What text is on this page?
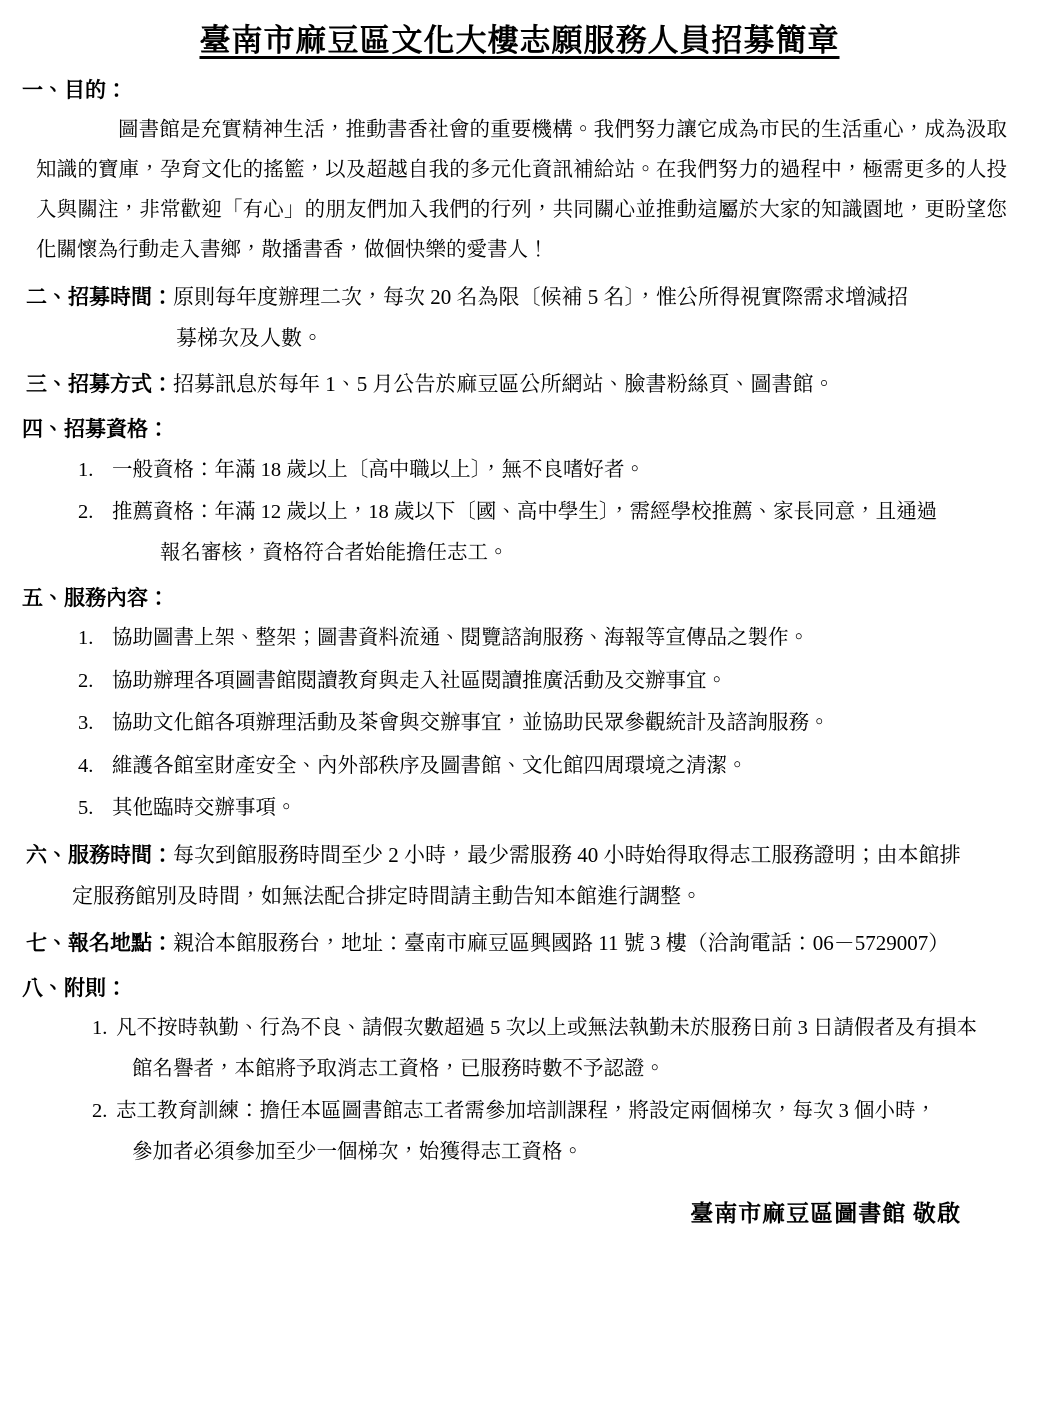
臺南市麻豆區文化大樓志願服務人員招募簡章
一、目的：

圖書館是充實精神生活，推動書香社會的重要機構。我們努力讓它成為市民的生活重心，成為汲取知識的寶庫，孕育文化的搖籃，以及超越自我的多元化資訊補給站。在我們努力的過程中，極需更多的人投入與關注，非常歡迎「有心」的朋友們加入我們的行列，共同關心並推動這屬於大家的知識園地，更盼望您化關懷為行動走入書鄉，散播書香，做個快樂的愛書人！

二、招募時間：原則每年度辦理二次，每次 20 名為限〔候補 5 名〕，惟公所得視實際需求增減招
募梯次及人數。
三、招募方式：招募訊息於每年 1、5 月公告於麻豆區公所網站、臉書粉絲頁、圖書館。
四、招募資格：
1. 一般資格：年滿 18 歲以上〔高中職以上〕，無不良嗜好者。
2. 推薦資格：年滿 12 歲以上，18 歲以下〔國、高中學生〕，需經學校推薦、家長同意，且通過
報名審核，資格符合者始能擔任志工。
五、服務內容：
1. 協助圖書上架、整架；圖書資料流通、閱覽諮詢服務、海報等宣傳品之製作。
2. 協助辦理各項圖書館閱讀教育與走入社區閱讀推廣活動及交辦事宜。
3. 協助文化館各項辦理活動及茶會與交辦事宜，並協助民眾參觀統計及諮詢服務。
4. 維護各館室財產安全、內外部秩序及圖書館、文化館四周環境之清潔。
5. 其他臨時交辦事項。
六、服務時間：每次到館服務時間至少 2 小時，最少需服務 40 小時始得取得志工服務證明；由本館排
定服務館別及時間，如無法配合排定時間請主動告知本館進行調整。
七、報名地點：親洽本館服務台，地址：臺南市麻豆區興國路 11 號 3 樓（洽詢電話：06－5729007）
八、附則：
1. 凡不按時執勤、行為不良、請假次數超過 5 次以上或無法執勤未於服務日前 3 日請假者及有損本
館名譽者，本館將予取消志工資格，已服務時數不予認證。
2. 志工教育訓練：擔任本區圖書館志工者需參加培訓課程，將設定兩個梯次，每次 3 個小時，
參加者必須參加至少一個梯次，始獲得志工資格。
臺南市麻豆區圖書館 敬啟
